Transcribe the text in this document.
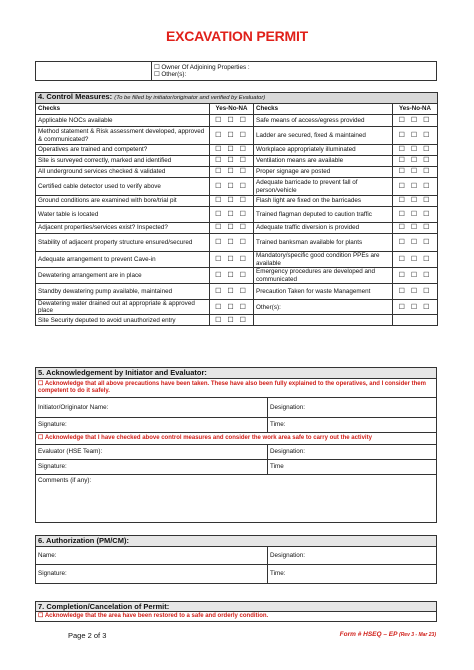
EXCAVATION PERMIT

☐ Owner Of Adjoining Properties :
☐ Other(s):
4. Control Measures: (To be filled by initiator/originator and verified by Evaluator)			
Checks	Yes-No-NA	Checks	Yes-No-NA
Applicable NOCs available	☐ ☐ ☐	Safe means of access/egress provided	☐ ☐ ☐
Method statement & Risk assessment developed, approved & communicated?	☐ ☐ ☐	Ladder are secured, fixed & maintained	☐ ☐ ☐
Operatives are trained and competent?	☐ ☐ ☐	Workplace appropriately illuminated	☐ ☐ ☐
Site is surveyed correctly, marked and identified	☐ ☐ ☐	Ventilation means are available	☐ ☐ ☐
All underground services checked & validated	☐ ☐ ☐	Proper signage are posted	☐ ☐ ☐
Certified cable detector used to verify above	☐ ☐ ☐	Adequate barricade to prevent fall of person/vehicle	☐ ☐ ☐
Ground conditions are examined with bore/trial pit	☐ ☐ ☐	Flash light are fixed on the barricades	☐ ☐ ☐
Water table is located	☐ ☐ ☐	Trained flagman deputed to caution traffic	☐ ☐ ☐
Adjacent properties/services exist? Inspected?	☐ ☐ ☐	Adequate traffic diversion is provided	☐ ☐ ☐
Stability of adjacent property structure ensured/secured	☐ ☐ ☐	Trained banksman available for plants	☐ ☐ ☐
Adequate arrangement to prevent Cave-in	☐ ☐ ☐	Mandatory/specific good condition PPEs are available	☐ ☐ ☐
Dewatering arrangement are in place	☐ ☐ ☐	Emergency procedures are developed and communicated	☐ ☐ ☐
Standby dewatering pump available, maintained	☐ ☐ ☐	Precaution Taken for waste Management	☐ ☐ ☐
Dewatering water drained out at appropriate & approved place	☐ ☐ ☐	Other(s):	☐ ☐ ☐
Site Security deputed to avoid unauthorized entry	☐ ☐ ☐		
5. Acknowledgement by Initiator and Evaluator:	
☐ Acknowledge that all above precautions have been taken. These have also been fully explained to the operatives, and I consider them competent to do it safely.	
Initiator/Originator Name:	Designation:
Signature:	Time:
☐ Acknowledge that I have checked above control measures and consider the work area safe to carry out the activity	
Evaluator (HSE Team):	Designation:
Signature:	Time
Comments (if any):	
6. Authorization (PM/CM):	
Name:	Designation:
Signature:	Time:
7. Completion/Cancelation of Permit:
☐ Acknowledge that the area have been restored to a safe and orderly condition.
Page 2 of 3	Form # HSEQ – EP (Rev 3 - Mar 23)
